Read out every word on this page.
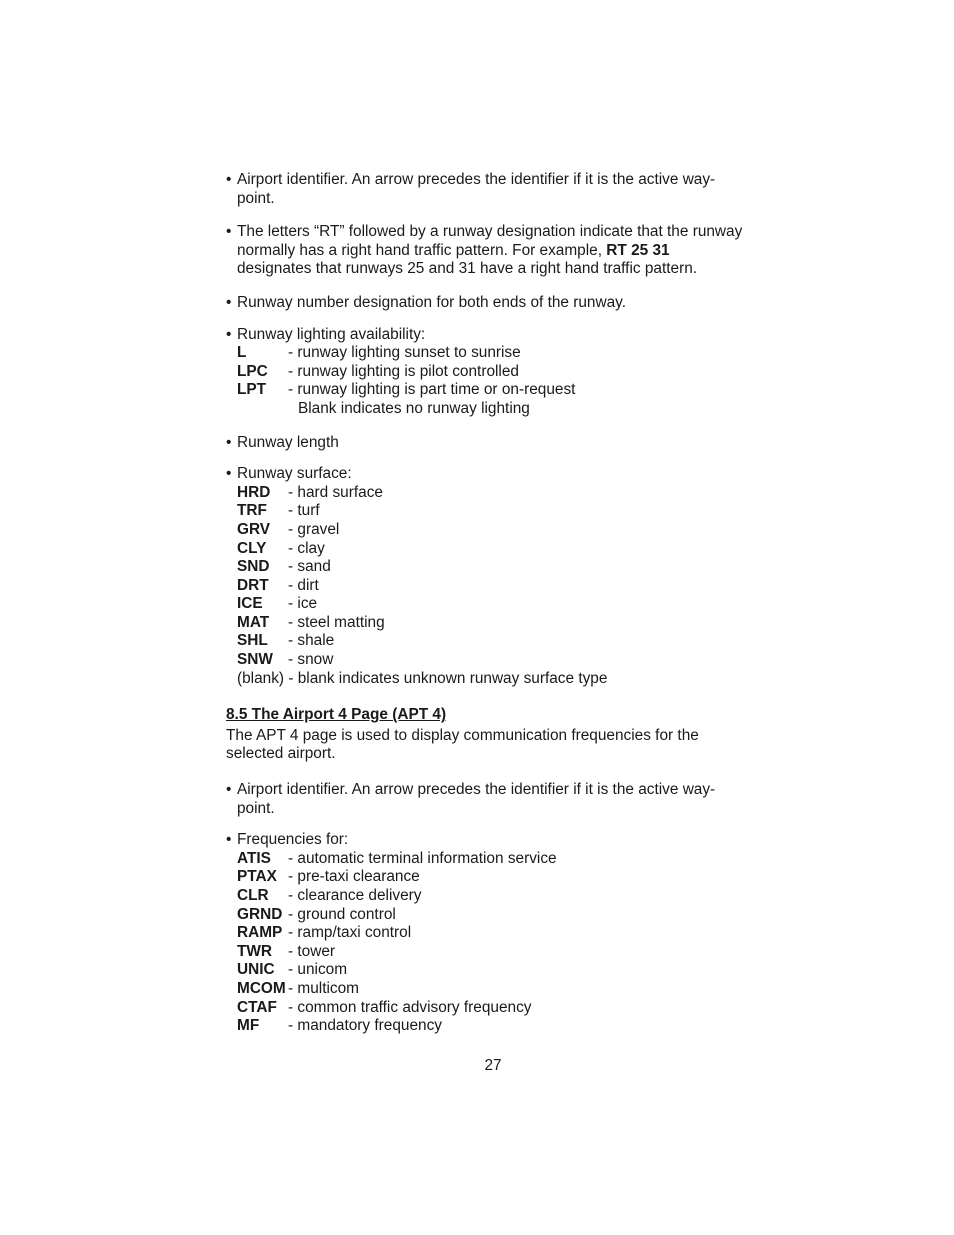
• Airport identifier. An arrow precedes the identifier if it is the active way-point.
• The letters “RT” followed by a runway designation indicate that the runway normally has a right hand traffic pattern. For example, RT 25 31 designates that runways 25 and 31 have a right hand traffic pattern.
• Runway number designation for both ends of the runway.
• Runway lighting availability:
L	- runway lighting sunset to sunrise
LPC	- runway lighting is pilot controlled
LPT	- runway lighting is part time or on-request
Blank indicates no runway lighting
• Runway length
• Runway surface:
HRD	- hard surface
TRF	- turf
GRV	- gravel
CLY	- clay
SND	- sand
DRT	- dirt
ICE	- ice
MAT	- steel matting
SHL	- shale
SNW - snow
(blank) - blank indicates unknown runway surface type
8.5 The Airport 4 Page (APT 4)
The APT 4 page is used to display communication frequencies for the selected airport.
• Airport identifier. An arrow precedes the identifier if it is the active way-point.
• Frequencies for:
ATIS	- automatic terminal information service
PTAX - pre-taxi clearance
CLR	- clearance delivery
GRND - ground control
RAMP - ramp/taxi control
TWR	- tower
UNIC - unicom
MCOM - multicom
CTAF - common traffic advisory frequency
MF	- mandatory frequency
27
